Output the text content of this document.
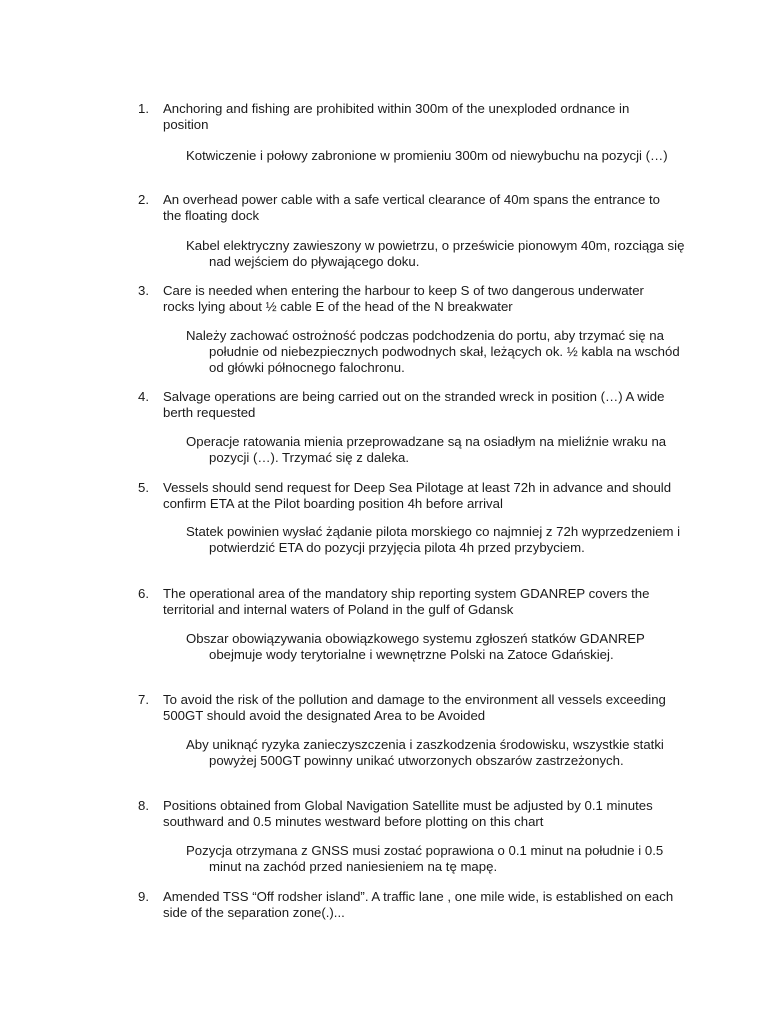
1.	Anchoring and fishing are prohibited within 300m of the unexploded ordnance in position
Kotwiczenie i połowy zabronione w promieniu 300m od niewybuchu na pozycji (…)
2.	An overhead power cable with a safe vertical clearance of 40m spans the entrance to the floating dock
Kabel elektryczny zawieszony w powietrzu, o prześwicie pionowym 40m, rozciąga się nad wejściem do pływającego doku.
3.	Care is needed when entering the harbour to keep S of two dangerous underwater rocks lying about ½ cable E of the head of the N breakwater
Należy zachować ostrożność podczas podchodzenia do portu, aby trzymać się na południe od niebezpiecznych podwodnych skał, leżących ok. ½ kabla na wschód od główki północnego falochronu.
4.	Salvage operations are being carried out on the stranded wreck in position (…) A wide berth requested
Operacje ratowania mienia przeprowadzane są na osiadłym na mieliźnie wraku na pozycji (…). Trzymać się z daleka.
5.	Vessels should send request for Deep Sea Pilotage at least 72h in advance and should confirm ETA at the Pilot boarding position 4h before arrival
Statek powinien wysłać żądanie pilota morskiego co najmniej z 72h wyprzedzeniem i potwierdzić ETA do pozycji przyjęcia pilota 4h przed przybyciem.
6.	The operational area of the mandatory ship reporting system GDANREP covers the territorial and internal waters of Poland in the gulf of Gdansk
Obszar obowiązywania obowiązkowego systemu zgłoszeń statków GDANREP obejmuje wody terytorialne i wewnętrzne Polski na Zatoce Gdańskiej.
7.	To avoid the risk of the pollution and damage to the environment all vessels exceeding 500GT should avoid the designated Area to be Avoided
Aby uniknąć ryzyka zanieczyszczenia i zaszkodzenia środowisku, wszystkie statki powyżej 500GT powinny unikać utworzonych obszarów zastrzeżonych.
8.	Positions obtained from Global Navigation Satellite must be adjusted by 0.1 minutes southward and 0.5 minutes westward before plotting on this chart
Pozycja otrzymana z GNSS musi zostać poprawiona o 0.1 minut na południe i 0.5 minut na zachód przed naniesieniem na tę mapę.
9.	Amended TSS “Off rodsher island”. A traffic lane , one mile wide, is established on each side of the separation zone(.)...
